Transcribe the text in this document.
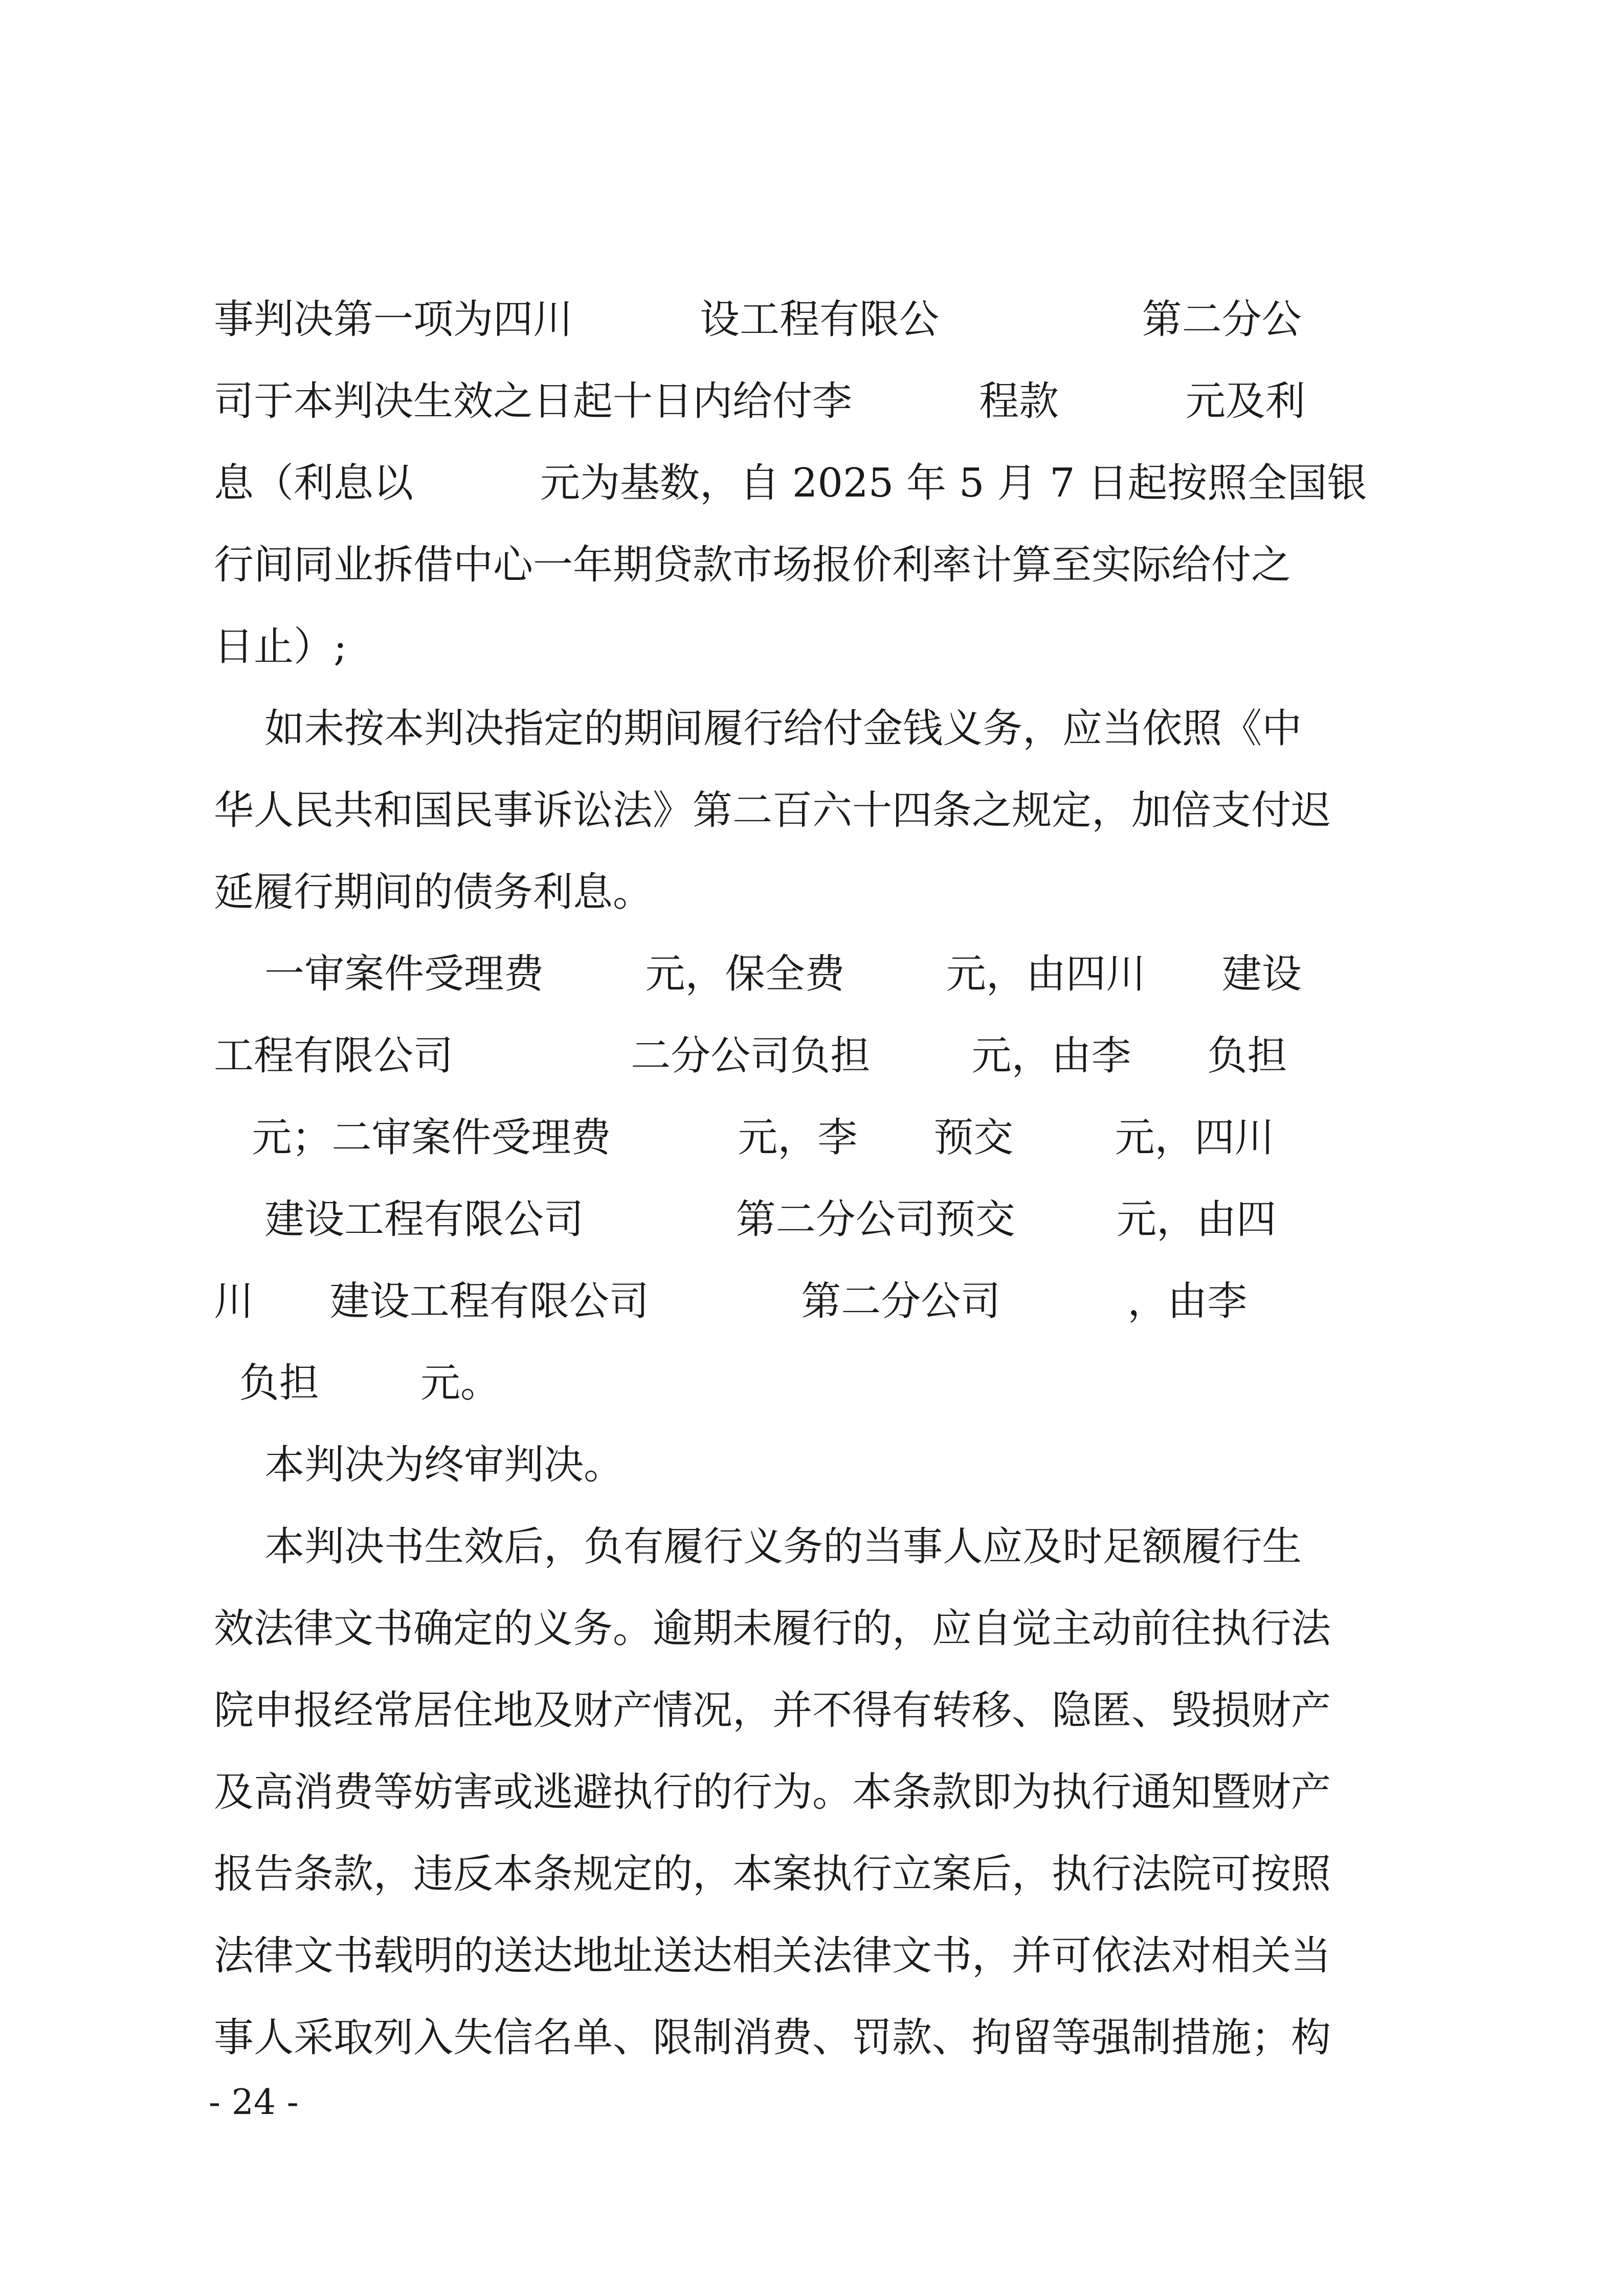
事判决第一项为四川          设工程有限公                第二分公
司于本判决生效之日起十日内给付李          程款          元及利
息（利息以          元为基数，自 2025 年 5 月 7 日起按照全国银
行间同业拆借中心一年期贷款市场报价利率计算至实际给付之
日止）;
如未按本判决指定的期间履行给付金钱义务，应当依照《中
华人民共和国民事诉讼法》第二百六十四条之规定，加倍支付迟
延履行期间的债务利息。
一审案件受理费        元，保全费        元，由四川      建设
工程有限公司              二分公司负担        元，由李      负担
元；二审案件受理费          元，李      预交        元，四川
建设工程有限公司            第二分公司预交        元，由四
川      建设工程有限公司            第二分公司          ，由李
负担        元。
本判决为终审判决。
本判决书生效后，负有履行义务的当事人应及时足额履行生
效法律文书确定的义务。逾期未履行的，应自觉主动前往执行法
院申报经常居住地及财产情况，并不得有转移、隐匿、毁损财产
及高消费等妨害或逃避执行的行为。本条款即为执行通知暨财产
报告条款，违反本条规定的，本案执行立案后，执行法院可按照
法律文书载明的送达地址送达相关法律文书，并可依法对相关当
事人采取列入失信名单、限制消费、罚款、拘留等强制措施；构
- 24 -
